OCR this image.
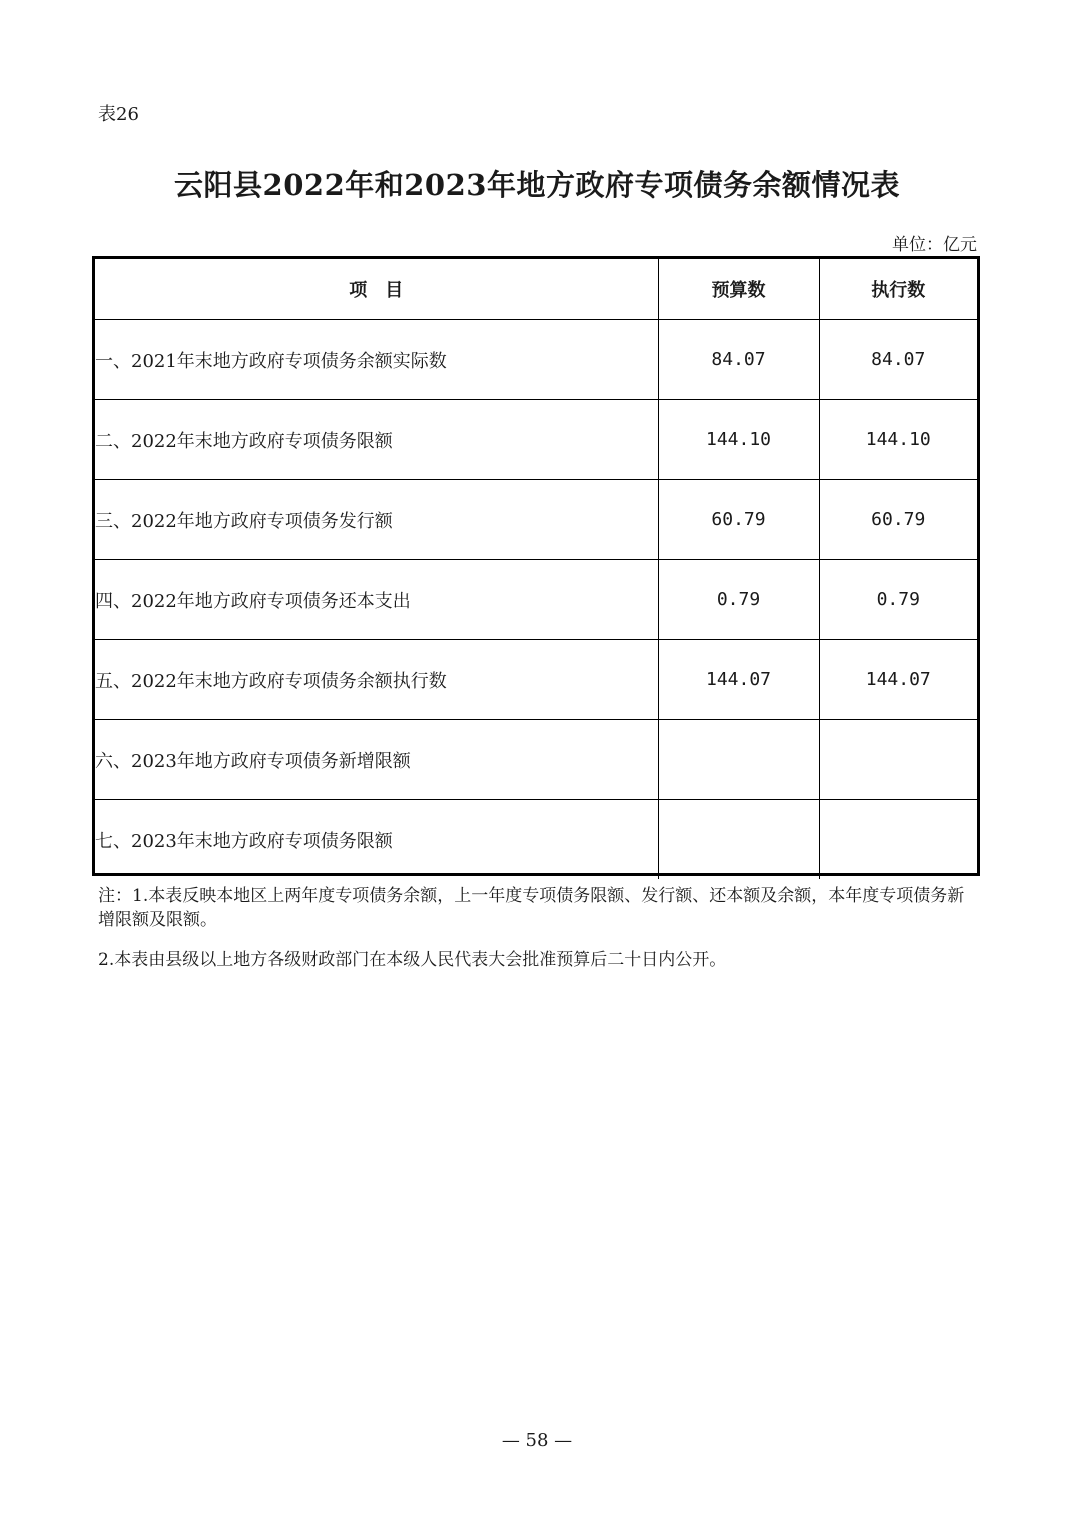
表26
云阳县2022年和2023年地方政府专项债务余额情况表
单位：亿元
项　目	预算数	执行数
一、2021年末地方政府专项债务余额实际数	84.07	84.07
二、2022年末地方政府专项债务限额	144.10	144.10
三、2022年地方政府专项债务发行额	60.79	60.79
四、2022年地方政府专项债务还本支出	0.79	0.79
五、2022年末地方政府专项债务余额执行数	144.07	144.07
六、2023年地方政府专项债务新增限额		
七、2023年末地方政府专项债务限额		

注：1.本表反映本地区上两年度专项债务余额，上一年度专项债务限额、发行额、还本额及余额，本年度专项债务新增限额及限额。

2.本表由县级以上地方各级财政部门在本级人民代表大会批准预算后二十日内公开。

— 58 —
